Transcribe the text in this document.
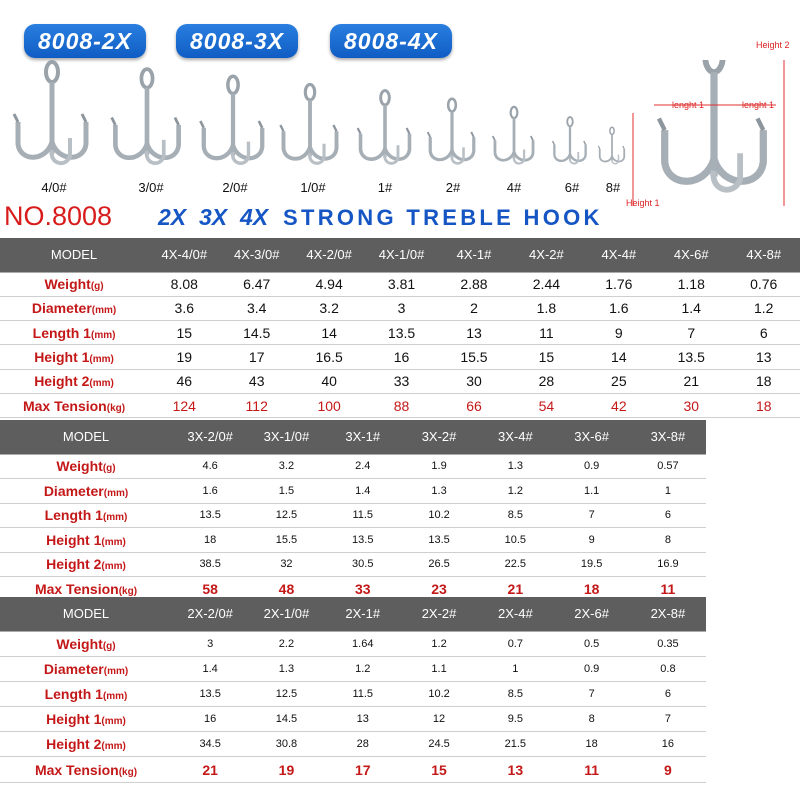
8008-2X	8008-3X	8008-4X	Height 2
lenght 1	lenght 1
Height 1
4/0#	3/0#	2/0#	1/0#	1#	2#	4#	6#	8#
NO.8008 2X 3X 4X STRONG TREBLE HOOK
MODEL	4X-4/0#	4X-3/0#	4X-2/0#	4X-1/0#	4X-1#	4X-2#	4X-4#	4X-6#	4X-8#
Weight(g)	8.08	6.47	4.94	3.81	2.88	2.44	1.76	1.18	0.76
Diameter(mm)	3.6	3.4	3.2	3	2	1.8	1.6	1.4	1.2
Length 1(mm)	15	14.5	14	13.5	13	11	9	7	6
Height 1(mm)	19	17	16.5	16	15.5	15	14	13.5	13
Height 2(mm)	46	43	40	33	30	28	25	21	18
Max Tension(kg)	124	112	100	88	66	54	42	30	18
MODEL	3X-2/0#	3X-1/0#	3X-1#	3X-2#	3X-4#	3X-6#	3X-8#
Weight(g)	4.6	3.2	2.4	1.9	1.3	0.9	0.57
Diameter(mm)	1.6	1.5	1.4	1.3	1.2	1.1	1
Length 1(mm)	13.5	12.5	11.5	10.2	8.5	7	6
Height 1(mm)	18	15.5	13.5	13.5	10.5	9	8
Height 2(mm)	38.5	32	30.5	26.5	22.5	19.5	16.9
Max Tension(kg)	58	48	33	23	21	18	11
MODEL	2X-2/0#	2X-1/0#	2X-1#	2X-2#	2X-4#	2X-6#	2X-8#
Weight(g)	3	2.2	1.64	1.2	0.7	0.5	0.35
Diameter(mm)	1.4	1.3	1.2	1.1	1	0.9	0.8
Length 1(mm)	13.5	12.5	11.5	10.2	8.5	7	6
Height 1(mm)	16	14.5	13	12	9.5	8	7
Height 2(mm)	34.5	30.8	28	24.5	21.5	18	16
Max Tension(kg)	21	19	17	15	13	11	9
